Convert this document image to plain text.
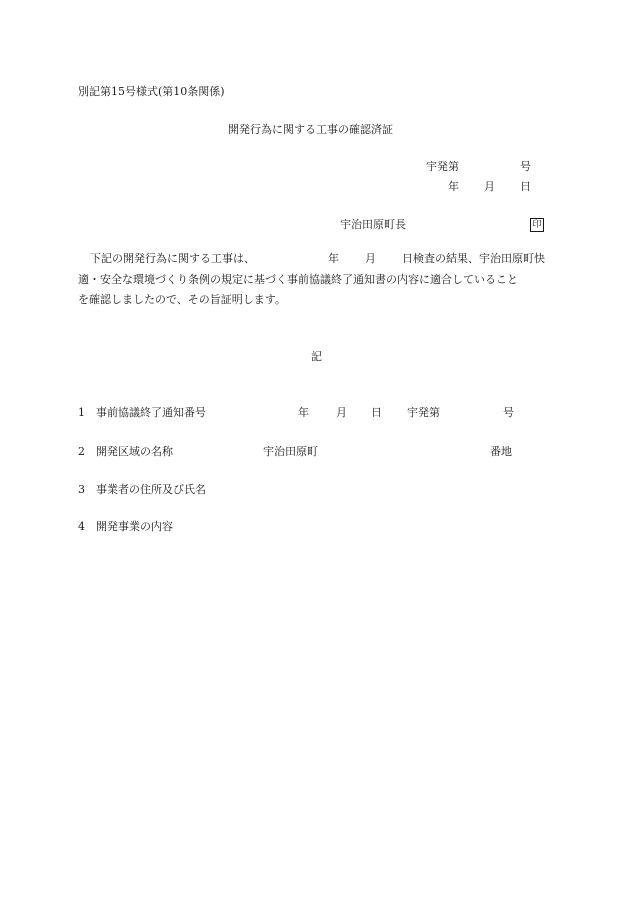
別記第15号様式(第10条関係)
開発行為に関する工事の確認済証
宇発第	号
年 月 日
宇治田原町長	印
下記の開発行為に関する工事は、	年 月 日検査の結果、宇治田原町快
適・安全な環境づくり条例の規定に基づく事前協議終了通知書の内容に適合していること
を確認しましたので、その旨証明します。
記
1 事前協議終了通知番号	年 月 日 宇発第	号
2 開発区域の名称	宇治田原町	番地
3 事業者の住所及び氏名
4 開発事業の内容
